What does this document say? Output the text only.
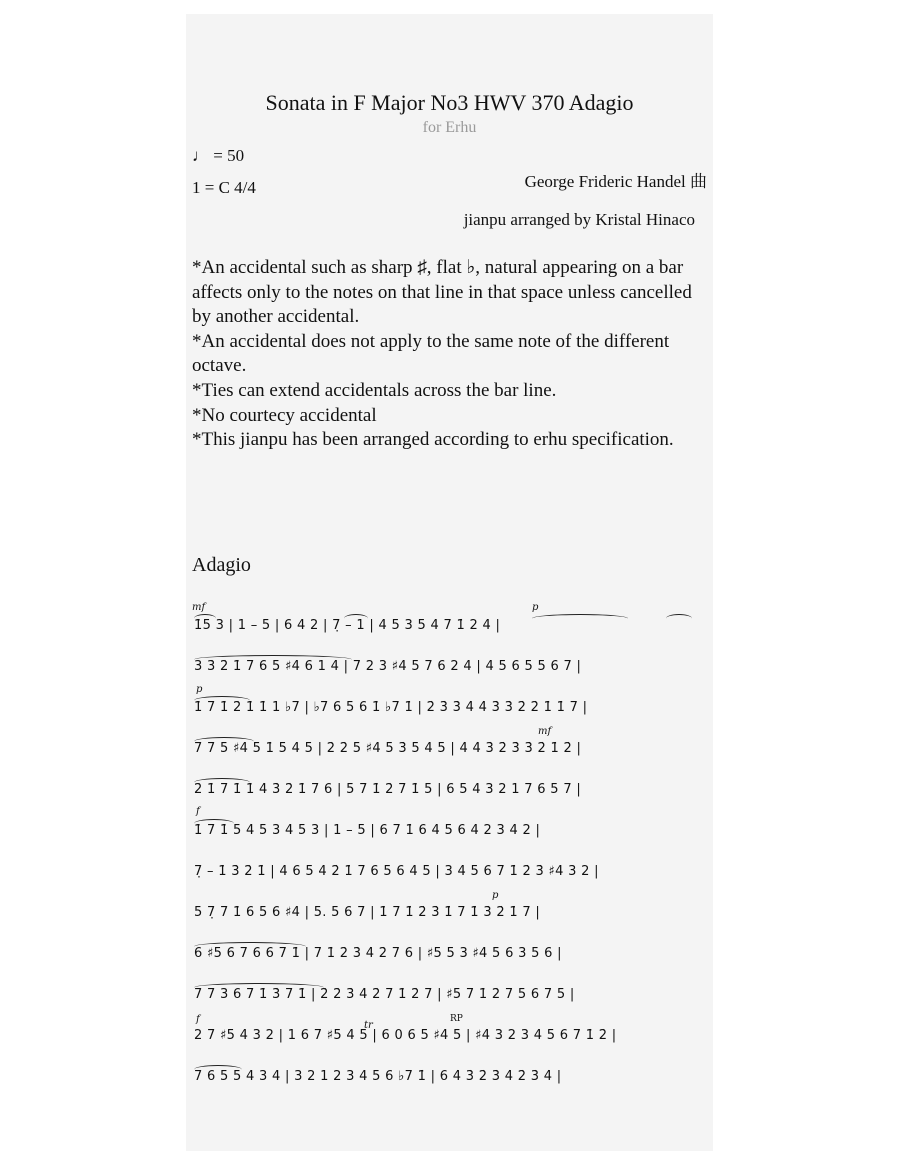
Sonata in F Major No3 HWV 370 Adagio
for Erhu
♩ = 50
1 = C 4/4	George Frideric Handel 曲
jianpu arranged by Kristal Hinaco

*An accidental such as sharp ♯, flat ♭, natural appearing on a bar affects only to the notes on that line in that space unless cancelled by another accidental.

*An accidental does not apply to the same note of the different octave.

*Ties can extend accidentals across the bar line.

*No courtecy accidental

*This jianpu has been arranged according to erhu specification.

Adagio
mf	p
p
mf
f
p
f
tr
RP
1̇5 3 | 1 – 5 | 6 4 2 | 7̣ – 1 | 4 5 3 5 4 7 1̇ 2 4 |
3 3̇ 2̇ 1̇ 7 6 5 ♯4 6 1 4 | 7 2 3 ♯4 5 7 6 2 4 | 4 5 6 5 5 6 7 |
1̇ 7 1̇ 2̇ 1̇ 1̇ 1 ♭7 | ♭7 6 5 6 1̇ ♭7 1̇ | 2̇ 3̇ 3̇ 4̇ 4̇ 3̇ 3̇ 2̇ 2̇ 1̇ 1̇ 7 |
7 7 5 ♯4 5 1̇ 5 4 5 | 2̇ 2̇ 5 ♯4 5 3̇ 5 4 5 | 4̇ 4̇ 3̇ 2̇ 3̇ 3̇ 2̇ 1̇ 2̇ |
2̇ 1̇ 7 1̇ 1̇ 4̇ 3̇ 2̇ 1̇ 7 6 | 5 7 1̇ 2̇ 7 1̇ 5 | 6 5 4 3 2 1 7 6 5 7 |
1̇ 7 1̇ 5 4 5 3 4 5 3 | 1 – 5 | 6 7 1̇ 6 4 5 6 4 2 3 4 2 |
7̣ – 1̇ 3̇ 2̇ 1̇ | 4 6 5 4 2̇ 1̇ 7 6 5 6 4 5 | 3 4 5 6 7 1̇ 2̇ 3̇ ♯4 3 2 |
5 7̣ 7 1̇ 6 5 6 ♯4 | 5. 5 6 7 | 1̇ 7 1̇ 2̇ 3̇ 1̇ 7 1̇ 3̇ 2̇ 1̇ 7 |
6 ♯5 6 7 6 6 7 1̇ | 7 1̇ 2̇ 3̇ 4̇ 2̇ 7 6 | ♯5 5 3 ♯4 5 6 3 5 6 |
7 7 3 6 7 1̇ 3̇ 7 1̇ | 2̇ 2̇ 3̇ 4̇ 2̇ 7 1̇ 2̇ 7 | ♯5 7 1̇ 2̇ 7 5 6 7 5 |
2 7 ♯5 4 3 2 | 1 6 7 ♯5 4 5 | 6 0 6 5 ♯4 5 | ♯4 3 2 3 4 5 6 7 1̇ 2̇ |
7 6 5 5 4 3 4 | 3 2 1 2 3 4 5 6 ♭7 1̇ | 6 4̇ 3̇ 2̇ 3̇ 4̇ 2̇ 3̇ 4̇ |
